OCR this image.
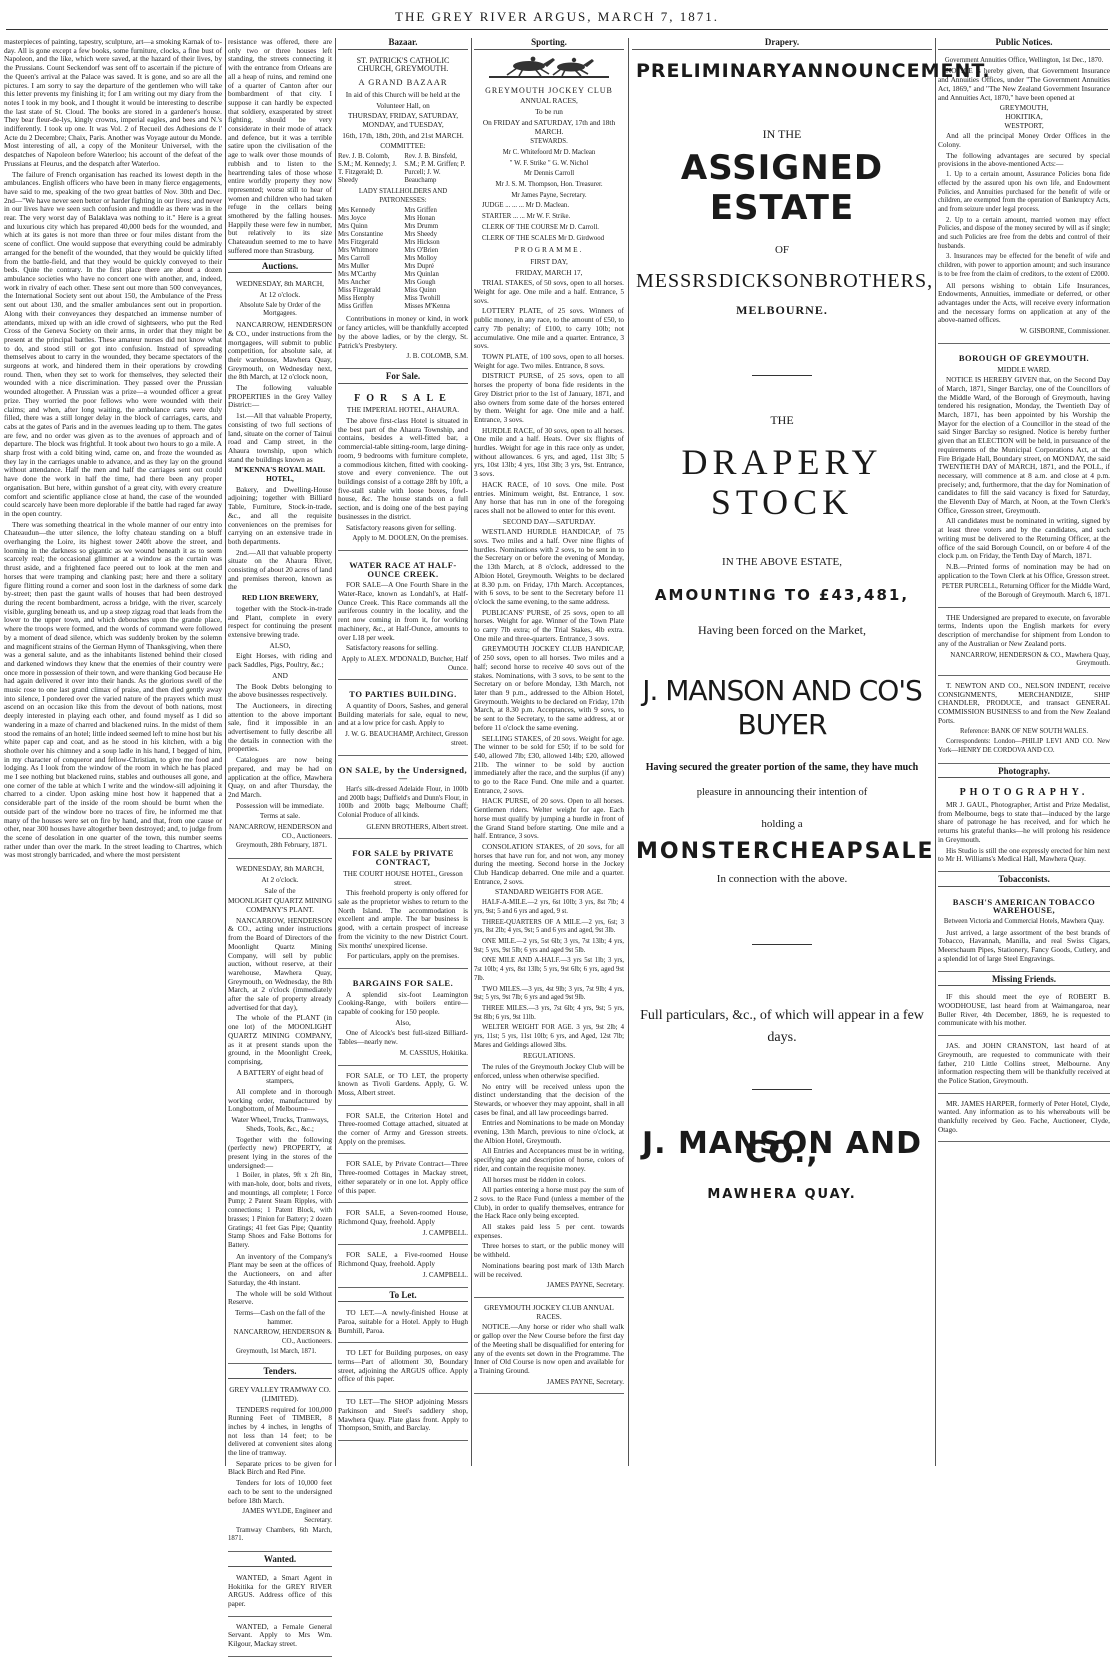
THE GREY RIVER ARGUS, MARCH 7, 1871.

masterpieces of painting, tapestry, sculpture, art—a smoking Karnak of to-day. All is gone except a few books, some furniture, clocks, a fine bust of Napoleon, and the like, which were saved, at the hazard of their lives, by the Prussians. Count Seckendorf was sent off to ascertain if the picture of the Queen's arrival at the Palace was saved. It is gone, and so are all the pictures. I am sorry to say the departure of the gentlemen who will take this letter prevents my finishing it; for I am writing out my diary from the notes I took in my book, and I thought it would be interesting to describe the last state of St. Cloud. The books are stored in a gardener's house. They bear fleur-de-lys, kingly crowns, imperial eagles, and bees and N.'s indifferently. I took up one. It was Vol. 2 of Recueil des Adhesions de l' Acte du 2 Decembre; Chaix, Paris. Another was Voyage autour du Monde. Most interesting of all, a copy of the Moniteur Universel, with the despatches of Napoleon before Waterloo; his account of the defeat of the Prussians at Fleurus, and the despatch after Waterloo.

The failure of French organisation has reached its lowest depth in the ambulances. English officers who have been in many fierce engagements, have said to me, speaking of the two great battles of Nov. 30th and Dec. 2nd—"We have never seen better or harder fighting in our lives; and never in our lives have we seen such confusion and muddle as there was in the rear. The very worst day of Balaklava was nothing to it." Here is a great and luxurious city which has prepared 40,000 beds for the wounded, and which at its gates is not more than three or four miles distant from the scene of conflict. One would suppose that everything could be admirably arranged for the benefit of the wounded, that they would be quickly lifted from the battle-field, and that they would be quickly conveyed to their beds. Quite the contrary. In the first place there are about a dozen ambulance societies who have no concert one with another, and, indeed, work in rivalry of each other. These sent out more than 500 conveyances, the International Society sent out about 150, the Ambulance of the Press sent out about 130, and the smaller ambulances sent out in proportion. Along with their conveyances they despatched an immense number of attendants, mixed up with an idle crowd of sightseers, who put the Red Cross of the Geneva Society on their arms, in order that they might be present at the principal battles. These amateur nurses did not know what to do, and stood still or got into confusion. Instead of spreading themselves about to carry in the wounded, they became spectators of the surgeons at work, and hindered them in their operations by crowding round. Then, when they set to work for themselves, they selected their wounded with a nice discrimination. They passed over the Prussian wounded altogether. A Prussian was a prize—a wounded officer a great prize. They worried the poor fellows who were wounded with their claims; and when, after long waiting, the ambulance carts were duly filled, there was a still longer delay in the block of carriages, carts, and cabs at the gates of Paris and in the avenues leading up to them. The gates are few, and no order was given as to the avenues of approach and of departure. The block was frightful. It took about two hours to go a mile. A sharp frost with a cold biting wind, came on, and froze the wounded as they lay in the carriages unable to advance, and as they lay on the ground without attendance. Half the men and half the carriages sent out could have done the work in half the time, had there been any proper organisation. But here, within gunshot of a great city, with every creature comfort and scientific appliance close at hand, the case of the wounded could scarcely have been more deplorable if the battle had raged far away in the open country.

There was something theatrical in the whole manner of our entry into Chateaudun—the utter silence, the lofty chateau standing on a bluff overhanging the Loire, its highest tower 240ft above the street, and looming in the darkness so gigantic as we wound beneath it as to seem scarcely real; the occasional glimmer at a window as the curtain was thrust aside, and a frightened face peered out to look at the men and horses that were tramping and clanking past; here and there a solitary figure flitting round a corner and soon lost in the darkness of some dark by-street; then past the gaunt walls of houses that had been destroyed during the recent bombardment, across a bridge, with the river, scarcely visible, gurgling beneath us, and up a steep zigzag road that leads from the lower to the upper town, and which debouches upon the grande place, where the troops were formed, and the words of command were followed by a moment of dead silence, which was suddenly broken by the solemn and magnificent strains of the German Hymn of Thanksgiving, when there was a general salute, and as the inhabitants listened behind their closed and darkened windows they knew that the enemies of their country were once more in possession of their town, and were thanking God because He had again delivered it over into their hands. As the glorious swell of the music rose to one last grand climax of praise, and then died gently away into silence, I pondered over the varied nature of the prayers which must ascend on an occasion like this from the devout of both nations, most deeply interested in playing each other, and found myself as I did so wandering in a maze of charred and blackened ruins. In the midst of them stood the remains of an hotel; little indeed seemed left to mine host but his white paper cap and coat, and as he stood in his kitchen, with a big shothole over his chimney and a soup ladle in his hand, I begged of him, in my character of conqueror and fellow-Christian, to give me food and lodging. As I look from the window of the room in which he has placed me I see nothing but blackened ruins, stables and outhouses all gone, and one corner of the table at which I write and the window-sill adjoining it charred to a cinder. Upon asking mine host how it happened that a considerable part of the inside of the room should be burnt when the outside part of the window bore no traces of fire, he informed me that many of the houses were set on fire by hand, and that, from one cause or other, near 300 houses have altogether been destroyed; and, to judge from the scene of desolation in one quarter of the town, this number seems rather under than over the mark. In the street leading to Chartres, which was most strongly barricaded, and where the most persistent

resistance was offered, there are only two or three houses left standing, the streets connecting it with the entrance from Orleans are all a heap of ruins, and remind one of a quarter of Canton after our bombardment of that city. I suppose it can hardly be expected that soldiery, exasperated by street fighting, should be very considerate in their mode of attack and defence, but it was a terrible satire upon the civilisation of the age to walk over those mounds of rubbish and to listen to the heartrending tales of those whose entire worldly property they now represented; worse still to hear of women and children who had taken refuge in the cellars being smothered by the falling houses. Happily these were few in number, but relatively to its size Chateaudun seemed to me to have suffered more than Strasburg.

Auctions.

WEDNESDAY, 8th MARCH,

At 12 o'clock.

Absolute Sale by Order of the Mortgagees.

NANCARROW, HENDERSON & CO., under instructions from the mortgagees, will submit to public competition, for absolute sale, at their warehouse, Mawhera Quay, Greymouth, on Wednesday next, the 8th March, at 12 o'clock noon,

The following valuable PROPERTIES in the Grey Valley District:—

1st.—All that valuable Property, consisting of two full sections of land, situate on the corner of Tainui road and Camp street, in the Ahaura township, upon which stand the buildings known as

M'KENNA'S ROYAL MAIL HOTEL,

Bakery, and Dwelling-House adjoining; together with Billiard Table, Furniture, Stock-in-trade, &c., and all the requisite conveniences on the premises for carrying on an extensive trade in both departments.

2nd.—All that valuable property situate on the Ahaura River, consisting of about 20 acres of land and premises thereon, known as the

RED LION BREWERY,

together with the Stock-in-trade and Plant, complete in every respect for continuing the present extensive brewing trade.

ALSO,

Eight Horses, with riding and pack Saddles, Pigs, Poultry, &c.;

AND

The Book Debts belonging to the above businesses respectively.

The Auctioneers, in directing attention to the above important sale, find it impossible in an advertisement to fully describe all the details in connection with the properties.

Catalogues are now being prepared, and may be had on application at the office, Mawhera Quay, on and after Thursday, the 2nd March.

Possession will be immediate.

Terms at sale.

NANCARROW, HENDERSON and CO., Auctioneers.

Greymouth, 28th February, 1871.

WEDNESDAY, 8th MARCH,

At 2 o'clock.

Sale of the

MOONLIGHT QUARTZ MINING COMPANY'S PLANT.

NANCARROW, HENDERSON & CO., acting under instructions from the Board of Directors of the Moonlight Quartz Mining Company, will sell by public auction, without reserve, at their warehouse, Mawhera Quay, Greymouth, on Wednesday, the 8th March, at 2 o'clock (immediately after the sale of property already advertised for that day),

The whole of the PLANT (in one lot) of the MOONLIGHT QUARTZ MINING COMPANY, as it at present stands upon the ground, in the Moonlight Creek, comprising,

A BATTERY of eight head of stampers,

All complete and in thorough working order, manufactured by Longbottom, of Melbourne—

Water Wheel, Trucks, Tramways, Sheds, Tools, &c., &c.;

Together with the following (perfectly new) PROPERTY, at present lying in the stores of the undersigned:—

1 Boiler, in plates, 9ft x 2ft 8in, with man-hole, door, bolts and rivets, and mountings, all complete; 1 Force Pump; 2 Patent Steam Ripples, with connections; 1 Patent Block, with brasses; 1 Pinion for Battery; 2 dozen Gratings; 41 feet Gas Pipe; Quantity Stamp Shoes and False Bottoms for Battery.

An inventory of the Company's Plant may be seen at the offices of the Auctioneers, on and after Saturday, the 4th instant.

The whole will be sold Without Reserve.

Terms—Cash on the fall of the hammer.

NANCARROW, HENDERSON & CO., Auctioneers.

Greymouth, 1st March, 1871.

Tenders.

GREY VALLEY TRAMWAY CO. (LIMITED).

TENDERS required for 100,000 Running Feet of TIMBER, 8 inches by 4 inches, in lengths of not less than 14 feet; to be delivered at convenient sites along the line of tramway.

Separate prices to be given for Black Birch and Red Pine.

Tenders for lots of 10,000 feet each to be sent to the undersigned before 18th March.

JAMES WYLDE, Engineer and Secretary.

Tramway Chambers, 6th March, 1871.

Wanted.

WANTED, a Smart Agent in Hokitika for the GREY RIVER ARGUS. Address office of this paper.

WANTED, a Female General Servant. Apply to Mrs Wm. Kilgour, Mackay street.

Bazaar.

ST. PATRICK'S CATHOLIC CHURCH, GREYMOUTH.

A GRAND BAZAAR

In aid of this Church will be held at the

Volunteer Hall, on

THURSDAY, FRIDAY, SATURDAY, MONDAY, and TUESDAY,

16th, 17th, 18th, 20th, and 21st MARCH.

COMMITTEE:

Rev. J. B. Colomb, S.M.; M. Kennedy; J. T. Fitzgerald; D. Sheedy
Rev. J. B. Binsfeld, S.M.; P. M. Griffen; P. Purcell; J. W. Beauchamp

LADY STALLHOLDERS AND PATRONESSES:

Mrs Kennedy
Mrs Joyce
Mrs Quinn
Mrs Constantine
Mrs Fitzgerald
Mrs Whitmore
Mrs Carroll
Mrs Muller
Mrs M'Carthy
Mrs Ancher
Miss Fitzgerald
Miss Henphy
Miss Griffen
Mrs Griffen
Mrs Honan
Mrs Drumm
Mrs Sheedy
Mrs Hickson
Mrs O'Brien
Mrs Molloy
Mrs Dupré
Mrs Quinlan
Mrs Gough
Miss Quinn
Miss Twohill
Misses M'Kenna

Contributions in money or kind, in work or fancy articles, will be thankfully accepted by the above ladies, or by the clergy, St. Patrick's Presbytery.

J. B. COLOMB, S.M.

For Sale.
FOR SALE

THE IMPERIAL HOTEL, AHAURA.

The above first-class Hotel is situated in the best part of the Ahaura Township, and contains, besides a well-fitted bar, a commercial-table sitting-room, large dining-room, 9 bedrooms with furniture complete, a commodious kitchen, fitted with cooking-stove and every convenience. The out buildings consist of a cottage 28ft by 10ft, a five-stall stable with loose boxes, fowl-house, &c. The house stands on a full section, and is doing one of the best paying businesses in the district.

Satisfactory reasons given for selling.

Apply to M. DOOLEN, On the premises.

WATER RACE AT HALF-OUNCE CREEK.

FOR SALE—A One Fourth Share in the Water-Race, known as Londahl's, at Half-Ounce Creek. This Race commands all the auriferous country in the locality, and the rent now coming in from it, for working machinery, &c., at Half-Ounce, amounts to over L18 per week.

Satisfactory reasons for selling.

Apply to ALEX. M'DONALD, Butcher, Half Ounce.

TO PARTIES BUILDING.

A quantity of Doors, Sashes, and general Building materials for sale, equal to new, and at a low price for cash. Apply to

J. W. G. BEAUCHAMP, Architect, Gresson street.

ON SALE, by the Undersigned,—

Hart's silk-dressed Adelaide Flour, in 100lb and 200lb bags; Duffield's and Dunn's Flour, in 100lb and 200lb bags; Melbourne Chaff; Colonial Produce of all kinds.

GLENN BROTHERS, Albert street.

FOR SALE by PRIVATE CONTRACT,

THE COURT HOUSE HOTEL, Gresson street.

This freehold property is only offered for sale as the proprietor wishes to return to the North Island. The accommodation is excellent and ample. The bar business is good, with a certain prospect of increase from the vicinity to the new District Court. Six months' unexpired license.

For particulars, apply on the premises.

BARGAINS FOR SALE.

A splendid six-foot Leamington Cooking-Range, with boilers entire—capable of cooking for 150 people.

Also,

One of Alcock's best full-sized Billiard-Tables—nearly new.

M. CASSIUS, Hokitika.

FOR SALE, or TO LET, the property known as Tivoli Gardens. Apply, G. W. Moss, Albert street.

FOR SALE, the Criterion Hotel and Three-roomed Cottage attached, situated at the corner of Army and Gresson streets. Apply on the premises.

FOR SALE, by Private Contract—Three Three-roomed Cottages in Mackay street, either separately or in one lot. Apply office of this paper.

FOR SALE, a Seven-roomed House, Richmond Quay, freehold. Apply

J. CAMPBELL.

FOR SALE, a Five-roomed House Richmond Quay, freehold. Apply

J. CAMPBELL.

To Let.

TO LET.—A newly-finished House at Paroa, suitable for a Hotel. Apply to Hugh Burnhill, Paroa.

TO LET for Building purposes, on easy terms—Part of allotment 30, Boundary street, adjoining the ARGUS office. Apply office of this paper.

TO LET—The SHOP adjoining Messrs Parkinson and Steel's saddlery shop, Mawhera Quay. Plate glass front. Apply to Thompson, Smith, and Barclay.

Sporting.

GREYMOUTH JOCKEY CLUB

ANNUAL RACES,

To be run

On FRIDAY and SATURDAY, 17th and 18th MARCH.

STEWARDS.

Mr C. Whitefoord Mr D. Maclean

" W. F. Strike " G. W. Nichol

Mr Dennis Carroll

Mr J. S. M. Thompson, Hon. Treasurer.

Mr James Payne, Secretary.

JUDGE ... ... ... Mr D. Maclean.

STARTER ... ... Mr W. F. Strike.

CLERK OF THE COURSE Mr D. Carroll.

CLERK OF THE SCALES Mr D. Girdwood

PROGRAMME.

FIRST DAY,

FRIDAY, MARCH 17,

TRIAL STAKES, of 50 sovs, open to all horses. Weight for age. One mile and a half. Entrance, 5 sovs.

LOTTERY PLATE, of 25 sovs. Winners of public money, in any race, to the amount of £50, to carry 7lb penalty; of £100, to carry 10lb; not accumulative. One mile and a quarter. Entrance, 3 sovs.

TOWN PLATE, of 100 sovs, open to all horses. Weight for age. Two miles. Entrance, 8 sovs.

DISTRICT PURSE, of 25 sovs, open to all horses the property of bona fide residents in the Grey District prior to the 1st of January, 1871, and also owners from some date of the horses entered by them. Weight for age. One mile and a half. Entrance, 3 sovs.

HURDLE RACE, of 30 sovs, open to all horses. One mile and a half. Heats. Over six flights of hurdles. Weight for age in this race only as under, without allowances. 6 yrs, and aged, 11st 3lb; 5 yrs, 10st 13lb; 4 yrs, 10st 3lb; 3 yrs, 9st. Entrance, 3 sovs.

HACK RACE, of 10 sovs. One mile. Post entries. Minimum weight, 8st. Entrance, 1 sov. Any horse that has run in one of the foregoing races shall not be allowed to enter for this event.

SECOND DAY—SATURDAY.

WESTLAND HURDLE HANDICAP, of 75 sovs. Two miles and a half. Over nine flights of hurdles. Nominations with 2 sovs, to be sent in to the Secretary on or before the evening of Monday, the 13th March, at 8 o'clock, addressed to the Albion Hotel, Greymouth. Weights to be declared at 8.30 p.m. on Friday, 17th March. Acceptances, with 6 sovs, to be sent to the Secretary before 11 o'clock the same evening, to the same address.

PUBLICANS' PURSE, of 25 sovs, open to all horses. Weight for age. Winner of the Town Plate to carry 7lb extra; of the Trial Stakes, 4lb extra. One mile and three-quarters. Entrance, 3 sovs.

GREYMOUTH JOCKEY CLUB HANDICAP, of 250 sovs, open to all horses. Two miles and a half; second horse to receive 40 sovs out of the stakes. Nominations, with 3 sovs, to be sent to the Secretary on or before Monday, 13th March, not later than 9 p.m., addressed to the Albion Hotel, Greymouth. Weights to be declared on Friday, 17th March, at 8.30 p.m. Acceptances, with 9 sovs, to be sent to the Secretary, to the same address, at or before 11 o'clock the same evening.

SELLING STAKES, of 20 sovs. Weight for age. The winner to be sold for £50; if to be sold for £40, allowed 7lb; £30, allowed 14lb; £20, allowed 21lb. The winner to be sold by auction immediately after the race, and the surplus (if any) to go to the Race Fund. One mile and a quarter. Entrance, 2 sovs.

HACK PURSE, of 20 sovs. Open to all horses. Gentlemen riders. Welter weight for age. Each horse must qualify by jumping a hurdle in front of the Grand Stand before starting. One mile and a half. Entrance, 3 sovs.

CONSOLATION STAKES, of 20 sovs, for all horses that have run for, and not won, any money during the meeting. Second horse in the Jockey Club Handicap debarred. One mile and a quarter. Entrance, 2 sovs.

STANDARD WEIGHTS FOR AGE.

HALF-A-MILE.—2 yrs, 6st 10lb; 3 yrs, 8st 7lb; 4 yrs, 9st; 5 and 6 yrs and aged, 9 st.

THREE-QUARTERS OF A MILE.—2 yrs, 6st; 3 yrs, 8st 2lb; 4 yrs, 9st; 5 and 6 yrs and aged, 9st 3lb.

ONE MILE.—2 yrs, 5st 6lb; 3 yrs, 7st 13lb; 4 yrs, 9st; 5 yrs, 9st 5lb; 6 yrs and aged 9st 5lb.

ONE MILE AND A-HALF.—3 yrs 5st 1lb; 3 yrs, 7st 10lb; 4 yrs, 8st 13lb; 5 yrs, 9st 6lb; 6 yrs, aged 9st 7lb.

TWO MILES.—3 yrs, 4st 9lb; 3 yrs, 7st 9lb; 4 yrs, 9st; 5 yrs, 9st 7lb; 6 yrs and aged 9st 9lb.

THREE MILES.—3 yrs, 7st 6lb; 4 yrs, 9st; 5 yrs, 9st 8lb; 6 yrs, 9st 11lb.

WELTER WEIGHT FOR AGE. 3 yrs, 9st 2lb; 4 yrs, 11st; 5 yrs, 11st 10lb; 6 yrs, and Aged, 12st 7lb; Mares and Geldings allowed 3lbs.

REGULATIONS.

The rules of the Greymouth Jockey Club will be enforced, unless when otherwise specified.

No entry will be received unless upon the distinct understanding that the decision of the Stewards, or whoever they may appoint, shall in all cases be final, and all law proceedings barred.

Entries and Nominations to be made on Monday evening, 13th March, previous to nine o'clock, at the Albion Hotel, Greymouth.

All Entries and Acceptances must be in writing, specifying age and description of horse, colors of rider, and contain the requisite money.

All horses must be ridden in colors.

All parties entering a horse must pay the sum of 2 sovs. to the Race Fund (unless a member of the Club), in order to qualify themselves, entrance for the Hack Race only being excepted.

All stakes paid less 5 per cent. towards expenses.

Three horses to start, or the public money will be withheld.

Nominations bearing post mark of 13th March will be received.

JAMES PAYNE, Secretary.

GREYMOUTH JOCKEY CLUB ANNUAL RACES.

NOTICE.—Any horse or rider who shall walk or gallop over the New Course before the first day of the Meeting shall be disqualified for entering for any of the events set down in the Programme. The Inner of Old Course is now open and available for a Training Ground.

JAMES PAYNE, Secretary.

Drapery.
PRELIMINARY ANNOUNCEMENT.
IN THE
ASSIGNED ESTATE
OF
MESSRS DICKSON BROTHERS,
MELBOURNE.
THE
DRAPERY STOCK
IN THE ABOVE ESTATE,
AMOUNTING TO £43,481,
Having been forced on the Market,
J. MANSON AND CO'S BUYER
Having secured the greater portion of the same, they have much
pleasure in announcing their intention of
holding a
MONSTER CHEAP SALE
In connection with the above.
Full particulars, &c., of which will appear in a few days.
J. MANSON AND CO.,
MAWHERA QUAY.
Public Notices.

Government Annuities Office, Wellington, 1st Dec., 1870.

NOTICE is hereby given, that Government Insurance and Annuities Offices, under "The Government Annuities Act, 1869," and "The New Zealand Government Insurance and Annuities Act, 1870," have been opened at

GREYMOUTH,
HOKITIKA,
WESTPORT,

And all the principal Money Order Offices in the Colony.

The following advantages are secured by special provisions in the above-mentioned Acts:—

1. Up to a certain amount, Assurance Policies bona fide effected by the assured upon his own life, and Endowment Policies, and Annuities purchased for the benefit of wife or children, are exempted from the operation of Bankruptcy Acts, and from seizure under legal process.

2. Up to a certain amount, married women may effect Policies, and dispose of the money secured by will as if single; and such Policies are free from the debts and control of their husbands.

3. Insurances may be effected for the benefit of wife and children, with power to apportion amount; and such insurance is to be free from the claim of creditors, to the extent of £2000.

All persons wishing to obtain Life Insurances, Endowments, Annuities, immediate or deferred, or other advantages under the Acts, will receive every information and the necessary forms on application at any of the above-named offices.

W. GISBORNE, Commissioner.

BOROUGH OF GREYMOUTH.

MIDDLE WARD.

NOTICE IS HEREBY GIVEN that, on the Second Day of March, 1871, Singer Barclay, one of the Councillors of the Middle Ward, of the Borough of Greymouth, having tendered his resignation, Monday, the Twentieth Day of March, 1871, has been appointed by his Worship the Mayor for the election of a Councillor in the stead of the said Singer Barclay so resigned. Notice is hereby further given that an ELECTION will be held, in pursuance of the requirements of the Municipal Corporations Act, at the Fire Brigade Hall, Boundary street, on MONDAY, the said TWENTIETH DAY of MARCH, 1871, and the POLL, if necessary, will commence at 8 a.m. and close at 4 p.m. precisely; and, furthermore, that the day for Nomination of candidates to fill the said vacancy is fixed for Saturday, the Eleventh Day of March, at Noon, at the Town Clerk's Office, Gresson street, Greymouth.

All candidates must be nominated in writing, signed by at least three voters and by the candidates, and such writing must be delivered to the Returning Officer, at the office of the said Borough Council, on or before 4 of the clock p.m. on Friday, the Tenth Day of March, 1871.

N.B.—Printed forms of nomination may be had on application to the Town Clerk at his Office, Gresson street.

PETER PURCELL, Returning Officer for the Middle Ward, of the Borough of Greymouth. March 6, 1871.

THE Undersigned are prepared to execute, on favorable terms, Indents upon the English markets for every description of merchandise for shipment from London to any of the Australian or New Zealand ports.

NANCARROW, HENDERSON & CO., Mawhera Quay, Greymouth.

T. NEWTON AND CO., NELSON INDENT, receive CONSIGNMENTS, MERCHANDIZE, SHIP CHANDLER, PRODUCE, and transact GENERAL COMMISSION BUSINESS to and from the New Zealand Ports.

Reference: BANK OF NEW SOUTH WALES.

Correspondents: London—PHILIP LEVI AND CO. New York—HENRY DE CORDOVA AND CO.

Photography.
PHOTOGRAPHY.

MR J. GAUL, Photographer, Artist and Prize Medalist, from Melbourne, begs to state that—induced by the large share of patronage he has received, and for which he returns his grateful thanks—he will prolong his residence in Greymouth.

His Studio is still the one expressly erected for him next to Mr H. Williams's Medical Hall, Mawhera Quay.

Tobacconists.
BASCH'S AMERICAN TOBACCO WAREHOUSE,

Between Victoria and Commercial Hotels, Mawhera Quay.

Just arrived, a large assortment of the best brands of Tobacco, Havannah, Manilla, and real Swiss Cigars, Meerschaum Pipes, Stationery, Fancy Goods, Cutlery, and a splendid lot of large Steel Engravings.

Missing Friends.

IF this should meet the eye of ROBERT B. WOODHOUSE, last heard from at Waimangaroa, near Buller River, 4th December, 1869, he is requested to communicate with his mother.

JAS. and JOHN CRANSTON, last heard of at Greymouth, are requested to communicate with their father, 210 Little Collins street, Melbourne. Any information respecting them will be thankfully received at the Police Station, Greymouth.

MR. JAMES HARPER, formerly of Peter Hotel, Clyde, wanted. Any information as to his whereabouts will be thankfully received by Geo. Fache, Auctioneer, Clyde, Otago.
